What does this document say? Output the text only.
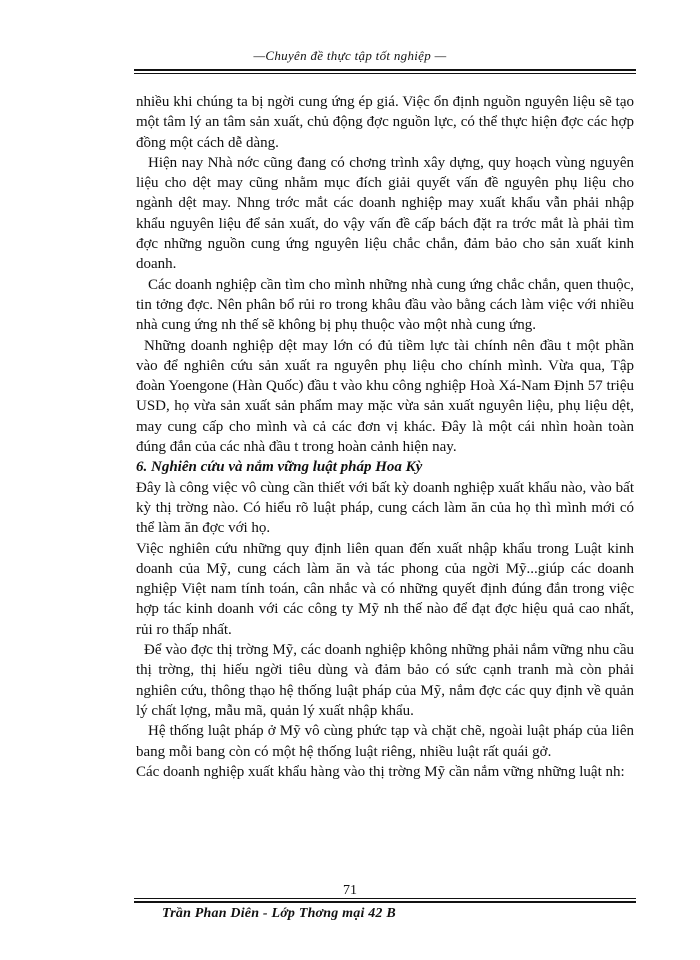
—Chuyên đề thực tập tốt nghiệp —

nhiều khi chúng ta bị ngời cung ứng ép giá. Việc ổn định nguồn nguyên liệu sẽ tạo một tâm lý an tâm sản xuất, chủ động đợc nguồn lực, có thể thực hiện đợc các hợp đồng một cách dễ dàng.

Hiện nay Nhà nớc cũng đang có chơng trình xây dựng, quy hoạch vùng nguyên liệu cho dệt may cũng nhằm mục đích giải quyết vấn đề nguyên phụ liệu cho ngành dệt may. Nhng trớc mắt các doanh nghiệp may xuất khẩu vẫn phải nhập khẩu nguyên liệu để sản xuất, do vậy vấn đề cấp bách đặt ra trớc mắt là phải tìm đợc những nguồn cung ứng nguyên liệu chắc chắn, đảm bảo cho sản xuất kinh doanh.

Các doanh nghiệp cần tìm cho mình những nhà cung ứng chắc chắn, quen thuộc, tin tởng đợc. Nên phân bổ rủi ro trong khâu đầu vào bằng cách làm việc với nhiều nhà cung ứng nh thế sẽ không bị phụ thuộc vào một nhà cung ứng.

Những doanh nghiệp dệt may lớn có đủ tiềm lực tài chính nên đầu t một phần vào để nghiên cứu sản xuất ra nguyên phụ liệu cho chính mình. Vừa qua, Tập đoàn Yoengone (Hàn Quốc) đầu t vào khu công nghiệp Hoà Xá-Nam Định 57 triệu USD, họ vừa sản xuất sản phẩm may mặc vừa sản xuất nguyên liệu, phụ liệu dệt, may cung cấp cho mình và cả các đơn vị khác. Đây là một cái nhìn hoàn toàn đúng đắn của các nhà đầu t trong hoàn cảnh hiện nay.

6. Nghiên cứu và nắm vững luật pháp Hoa Kỳ

Đây là công việc vô cùng cần thiết với bất kỳ doanh nghiệp xuất khẩu nào, vào bất kỳ thị trờng nào. Có hiểu rõ luật pháp, cung cách làm ăn của họ thì mình mới có thể làm ăn đợc với họ.

Việc nghiên cứu những quy định liên quan đến xuất nhập khẩu trong Luật kinh doanh của Mỹ, cung cách làm ăn và tác phong của ngời Mỹ...giúp các doanh nghiệp Việt nam tính toán, cân nhắc và có những quyết định đúng đắn trong việc hợp tác kinh doanh với các công ty Mỹ nh thế nào để đạt đợc hiệu quả cao nhất, rủi ro thấp nhất.

Để vào đợc thị trờng Mỹ, các doanh nghiệp không những phải nắm vững nhu cầu thị trờng, thị hiếu ngời tiêu dùng và đảm bảo có sức cạnh tranh mà còn phải nghiên cứu, thông thạo hệ thống luật pháp của Mỹ, nắm đợc các quy định về quản lý chất lợng, mẫu mã, quản lý xuất nhập khẩu.

Hệ thống luật pháp ở Mỹ vô cùng phức tạp và chặt chẽ, ngoài luật pháp của liên bang mỗi bang còn có một hệ thống luật riêng, nhiều luật rất quái gở.

Các doanh nghiệp xuất khẩu hàng vào thị trờng Mỹ cần nắm vững những luật nh:

71
Trần Phan Diên - Lớp Thơng mại 42 B
